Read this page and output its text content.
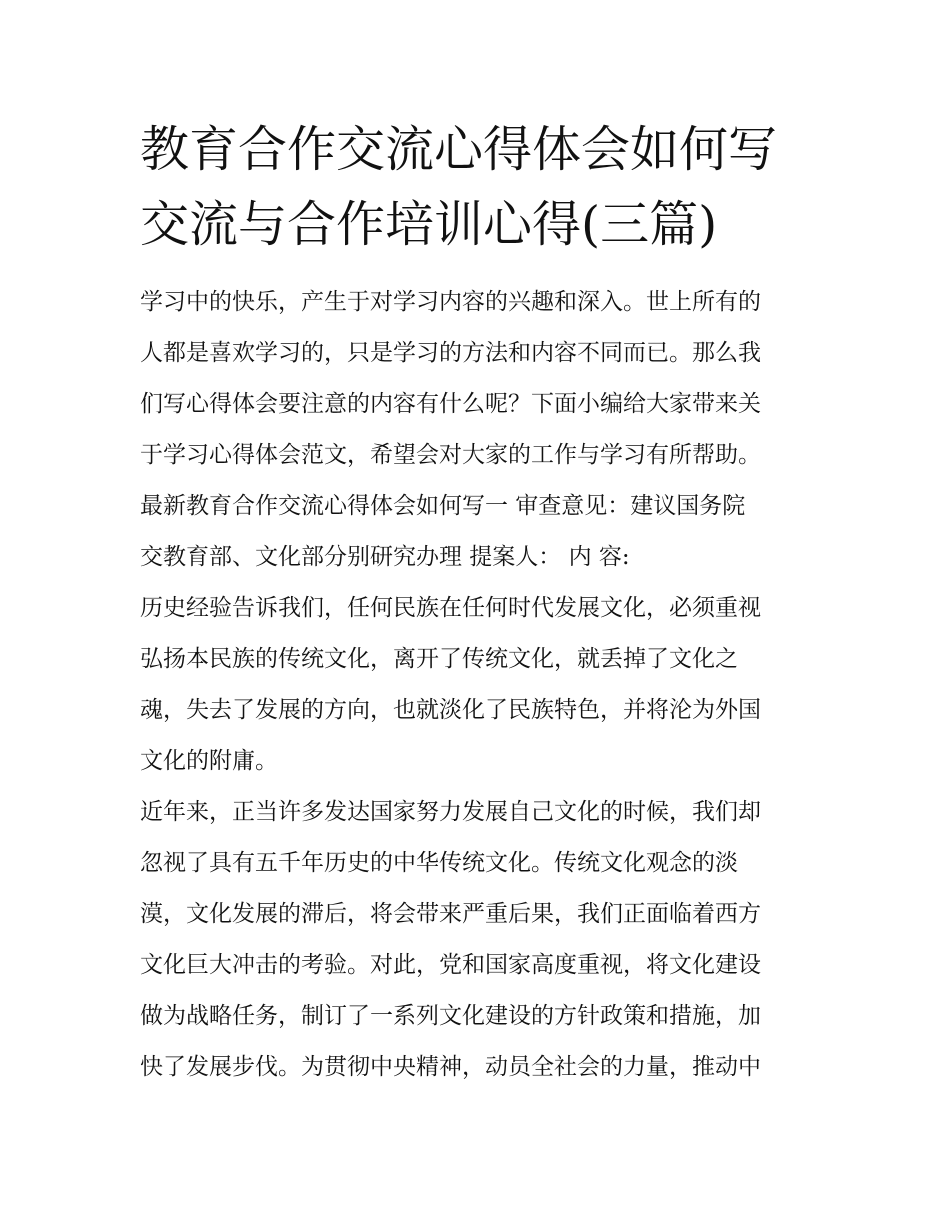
教育合作交流心得体会如何写
交流与合作培训心得(三篇)
学习中的快乐，产生于对学习内容的兴趣和深入。世上所有的
人都是喜欢学习的，只是学习的方法和内容不同而已。那么我
们写心得体会要注意的内容有什么呢？下面小编给大家带来关
于学习心得体会范文，希望会对大家的工作与学习有所帮助。
最新教育合作交流心得体会如何写一 审查意见：建议国务院
交教育部、文化部分别研究办理 提案人： 内 容:
历史经验告诉我们，任何民族在任何时代发展文化，必须重视
弘扬本民族的传统文化，离开了传统文化，就丢掉了文化之
魂，失去了发展的方向，也就淡化了民族特色，并将沦为外国
文化的附庸。
近年来，正当许多发达国家努力发展自己文化的时候，我们却
忽视了具有五千年历史的中华传统文化。传统文化观念的淡
漠，文化发展的滞后，将会带来严重后果，我们正面临着西方
文化巨大冲击的考验。对此，党和国家高度重视，将文化建设
做为战略任务，制订了一系列文化建设的方针政策和措施，加
快了发展步伐。为贯彻中央精神，动员全社会的力量，推动中
